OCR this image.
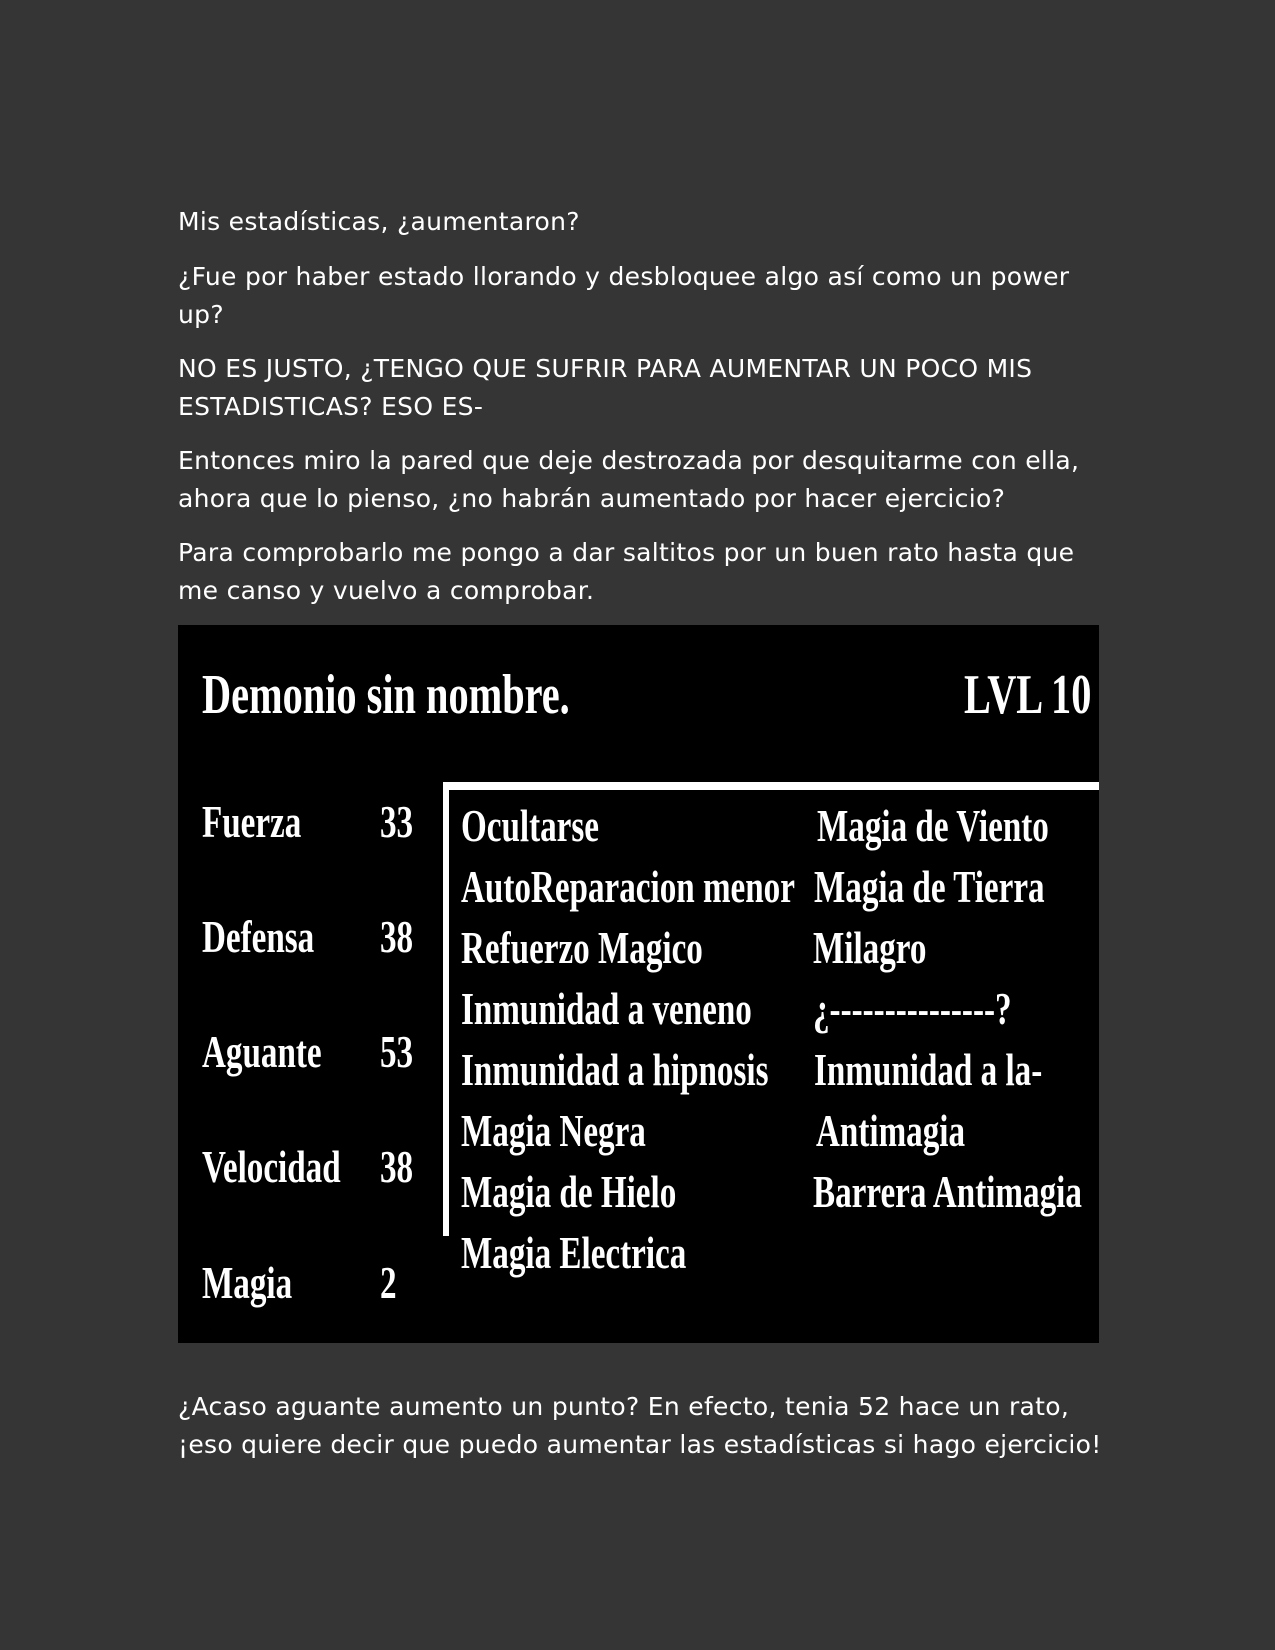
Mis estadísticas, ¿aumentaron?

¿Fue por haber estado llorando y desbloquee algo así como un power up?

NO ES JUSTO, ¿TENGO QUE SUFRIR PARA AUMENTAR UN POCO MIS ESTADISTICAS? ESO ES-

Entonces miro la pared que deje destrozada por desquitarme con ella, ahora que lo pienso, ¿no habrán aumentado por hacer ejercicio?

Para comprobarlo me pongo a dar saltitos por un buen rato hasta que me canso y vuelvo a comprobar.

Demonio sin nombre.	LVL 10
Fuerza 33
Defensa 38
Aguante 53
Velocidad 38
Magia 2
Ocultarse
AutoReparacion menor
Refuerzo Magico
Inmunidad a veneno
Inmunidad a hipnosis
Magia Negra
Magia de Hielo
Magia Electrica
Magia de Viento
Magia de Tierra
Milagro
¿---------------?
Inmunidad a la-
Antimagia
Barrera Antimagia

¿Acaso aguante aumento un punto? En efecto, tenia 52 hace un rato, ¡eso quiere decir que puedo aumentar las estadísticas si hago ejercicio!
